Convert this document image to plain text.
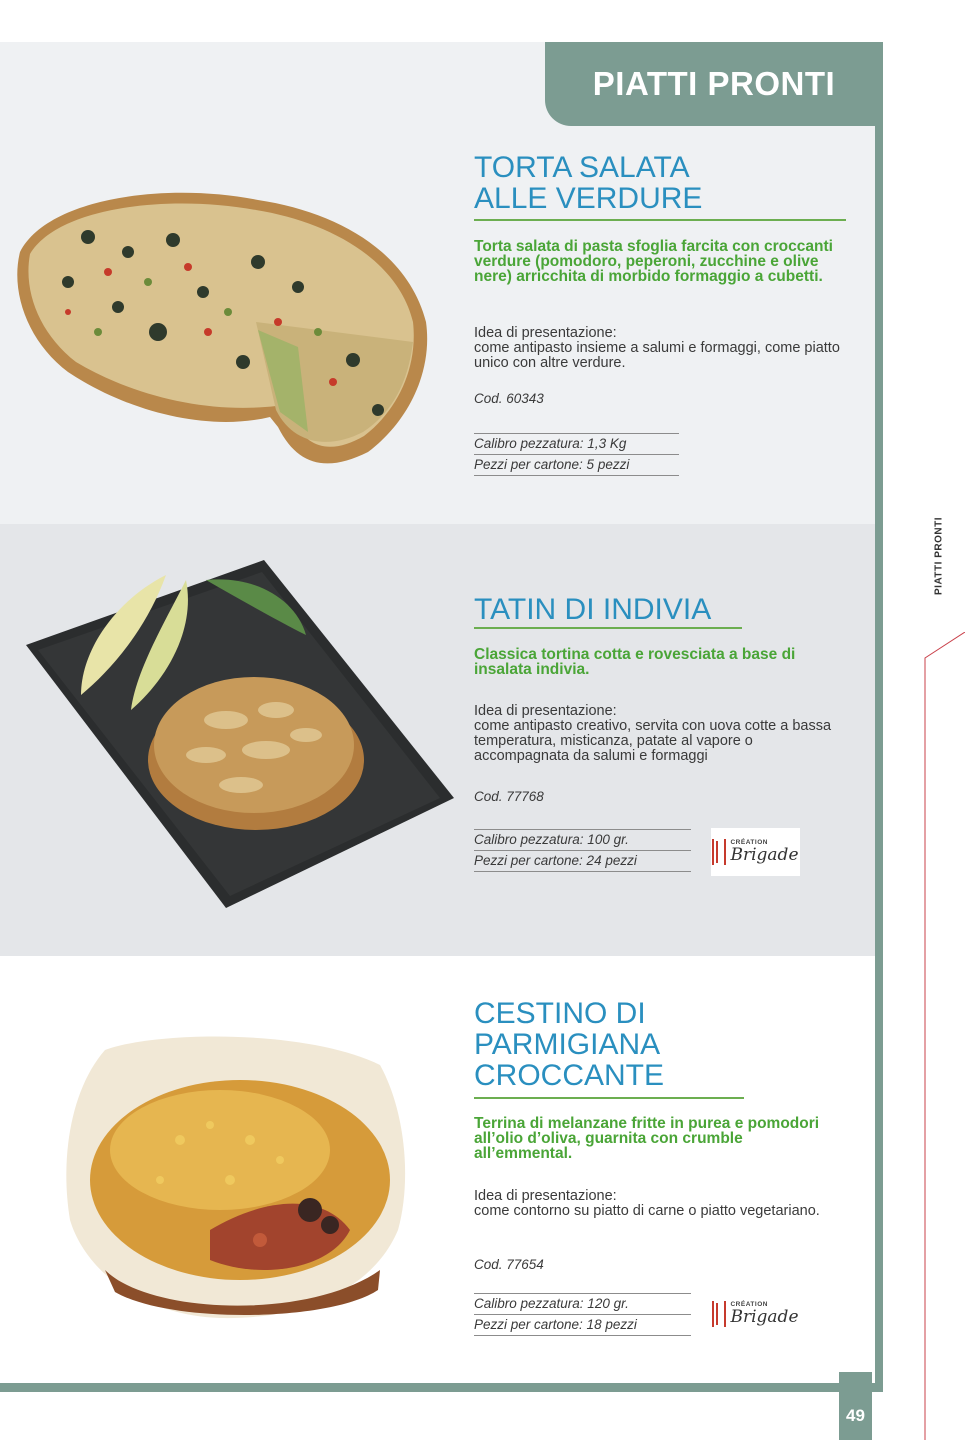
PIATTI PRONTI
PIATTI PRONTI
49
TORTA SALATA
ALLE VERDURE
Torta salata di pasta sfoglia farcita con croccanti verdure (pomodoro, peperoni, zucchine e olive nere) arricchita di morbido formaggio a cubetti.
Idea di presentazione:
come antipasto insieme a salumi e formaggi, come piatto unico con altre verdure.
Cod. 60343
Calibro pezzatura: 1,3 Kg
Pezzi per cartone: 5 pezzi
TATIN DI INDIVIA
Classica tortina cotta e rovesciata a base di insalata indivia.
Idea di presentazione:
come antipasto creativo, servita con uova cotte a bassa temperatura, misticanza, patate al vapore o accompagnata da salumi e formaggi
Cod. 77768
Calibro pezzatura: 100 gr.
Pezzi per cartone: 24 pezzi
CRÉATION
Brigade
CESTINO DI
PARMIGIANA
CROCCANTE
Terrina di melanzane fritte in purea e pomodori all’olio d’oliva, guarnita con crumble all’emmental.
Idea di presentazione:
come contorno su piatto di carne o piatto vegetariano.
Cod. 77654
Calibro pezzatura: 120 gr.
Pezzi per cartone: 18 pezzi
CRÉATION
Brigade
